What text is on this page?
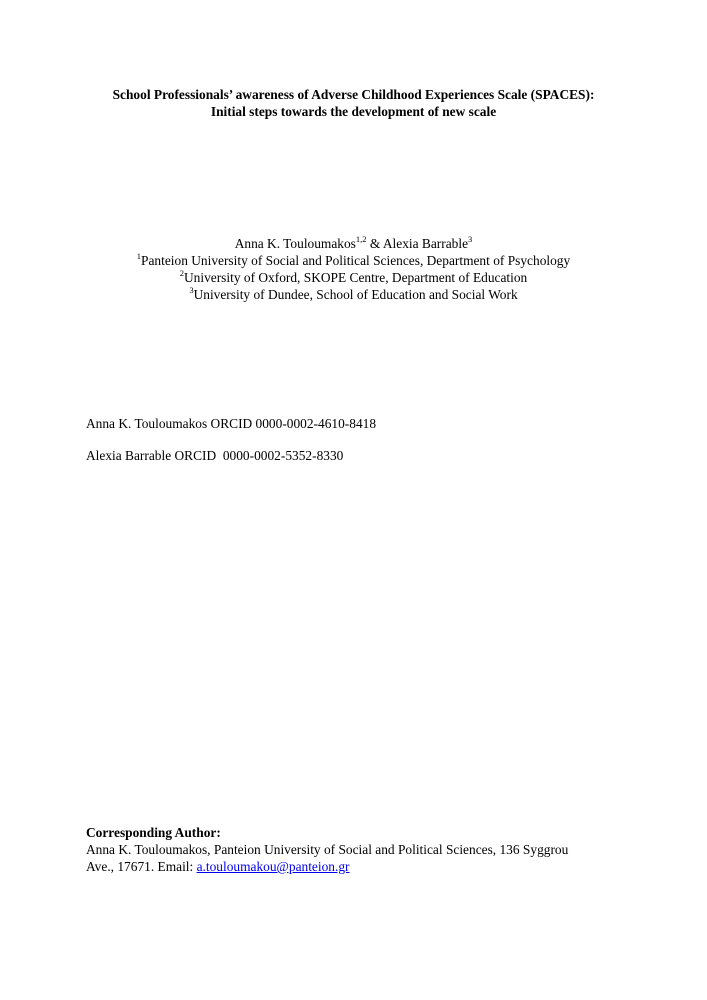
School Professionals’ awareness of Adverse Childhood Experiences Scale (SPACES):
Initial steps towards the development of new scale
Anna K. Touloumakos$^{1,2}$ & Alexia Barrable$^3$
$^1$Panteion University of Social and Political Sciences, Department of Psychology
$^2$University of Oxford, SKOPE Centre, Department of Education
$^3$University of Dundee, School of Education and Social Work
Anna K. Touloumakos ORCID 0000-0002-4610-8418
Alexia Barrable ORCID  0000-0002-5352-8330
Corresponding Author:
Anna K. Touloumakos, Panteion University of Social and Political Sciences, 136 Syggrou
Ave., 17671. Email: a.touloumakou@panteion.gr
